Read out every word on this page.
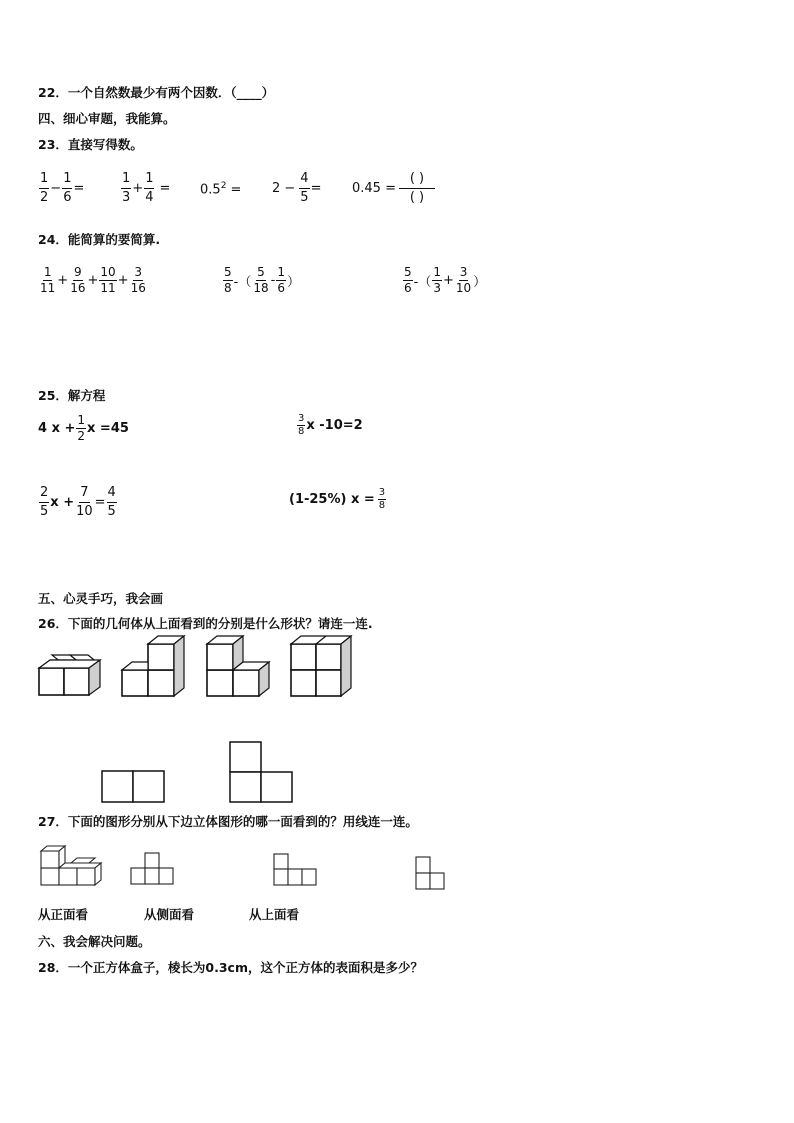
22．一个自然数最少有两个因数．（____）
四、细心审题，我能算。
23．直接写得数。
$\frac{1}{2} - \frac{1}{6}$ =	$\frac{1}{3} + \frac{1}{4} = 0.5^2 = 2 - \frac{4}{5} = 0.45 = \frac{( )}{( )}$
24．能简算的要简算.
$\frac{1}{11} + \frac{9}{16} + \frac{10}{11} + \frac{3}{16}$	$\frac{5}{8}$ -（ $\frac{5}{18} - \frac{1}{6}$ ）	$\frac{5}{6}$ -（ $\frac{1}{3} + \frac{3}{10}$ ）
25．解方程
4 $x + \frac{1}{2}$ x =45	$\frac{3}{8}$ x -10=2
$\frac{2}{5}$ $x + \frac{7}{10} = \frac{4}{5}$	(1-25%) $x = \frac{3}{8}$
五、心灵手巧，我会画
26．下面的几何体从上面看到的分别是什么形状？请连一连.
27．下面的图形分别从下边立体图形的哪一面看到的？用线连一连。
从正面看	从侧面看	从上面看
六、我会解决问题。
28．一个正方体盒子，棱长为0.3cm，这个正方体的表面积是多少？
